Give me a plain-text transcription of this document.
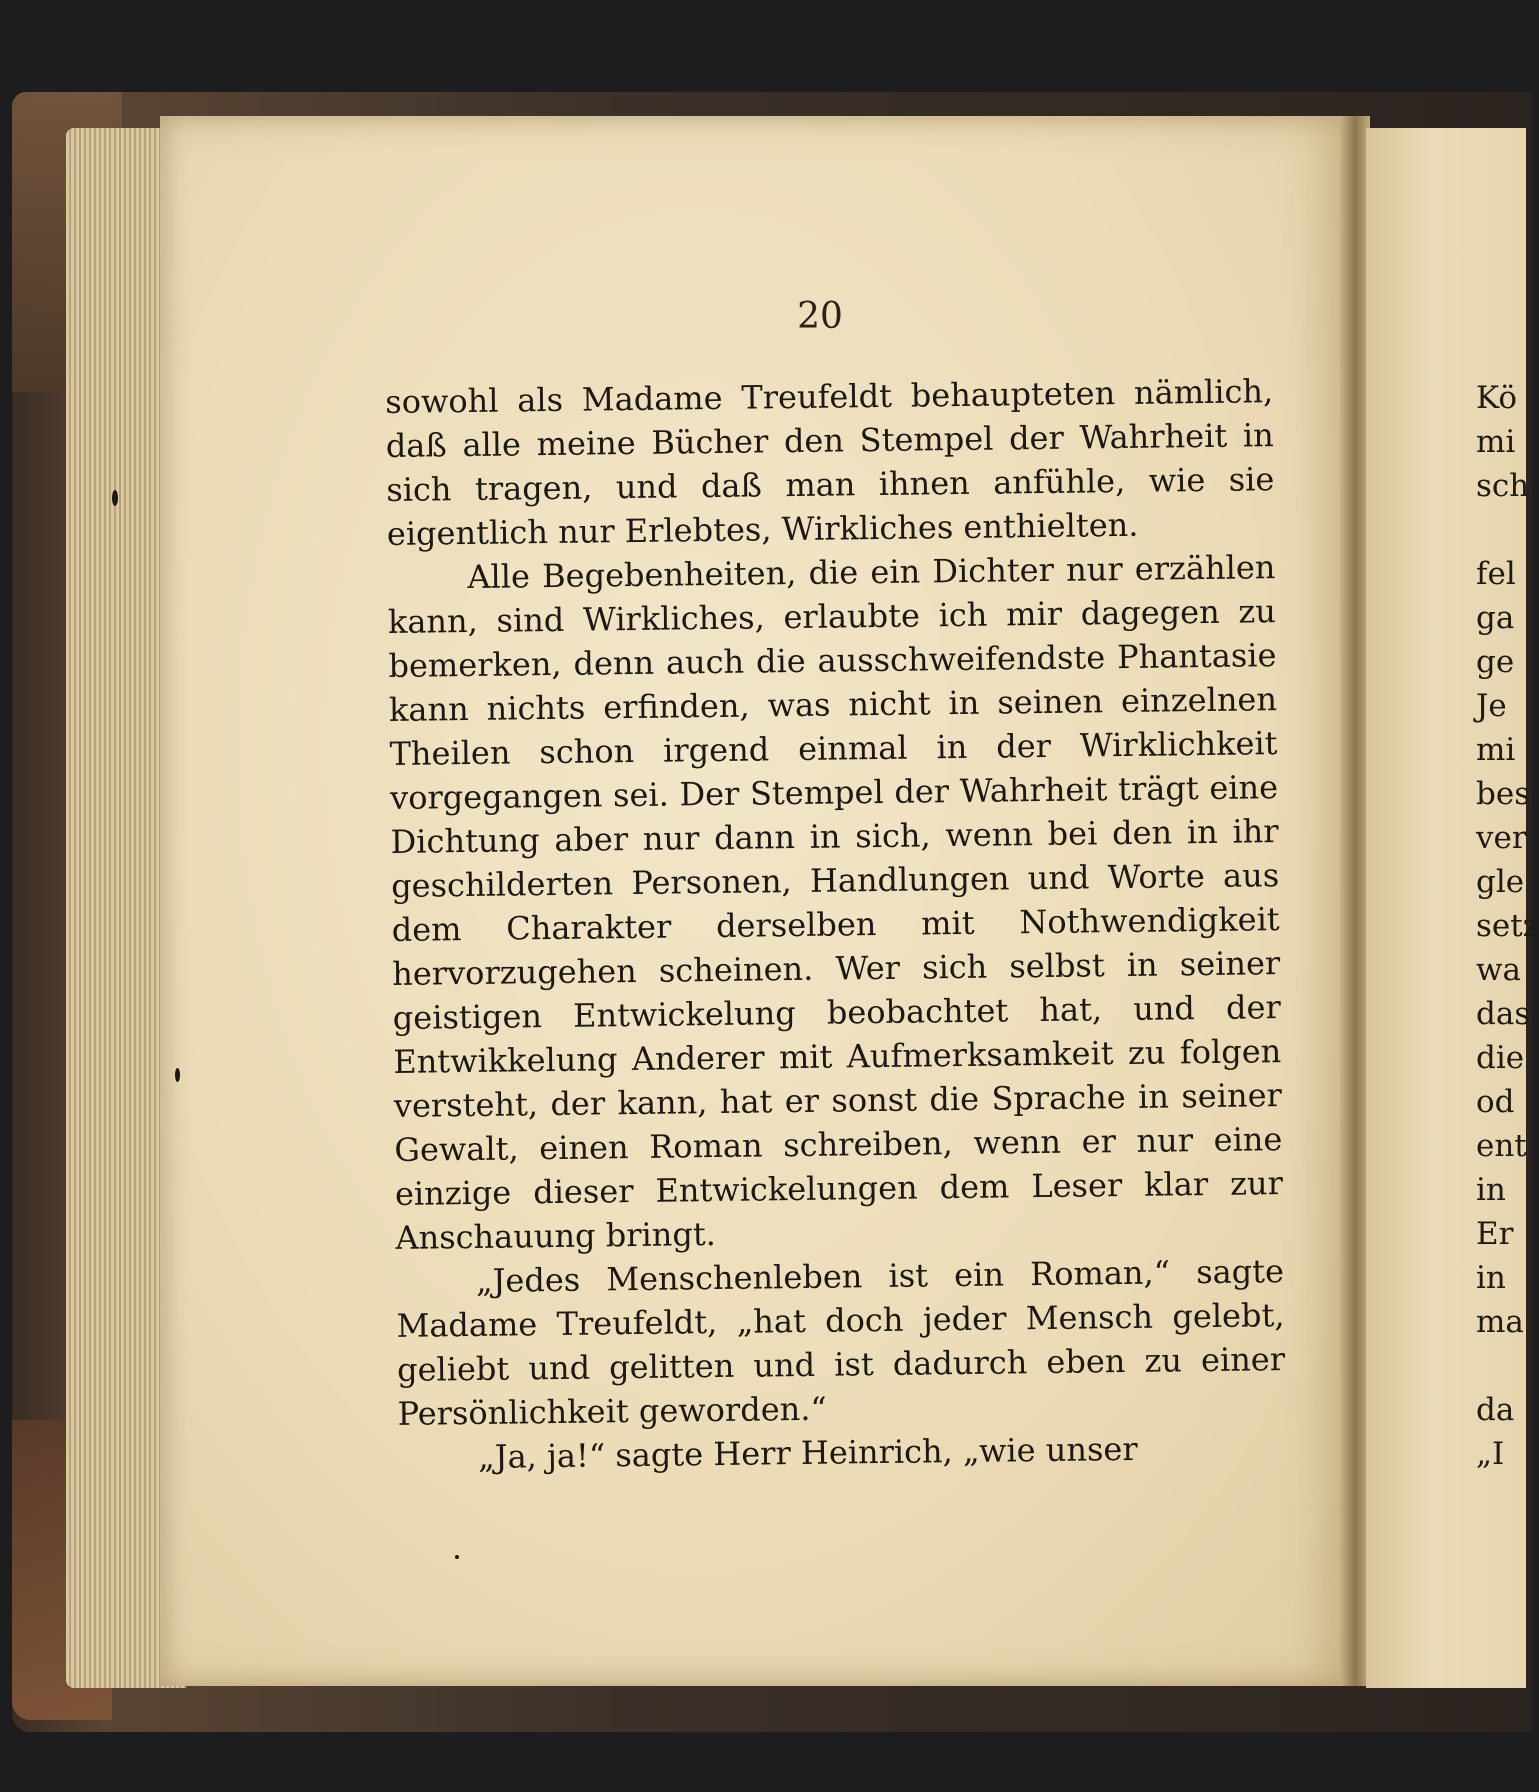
20

sowohl als Madame Treufeldt behaupteten nämlich, daß alle meine Bücher den Stempel der Wahrheit in sich tragen, und daß man ihnen anfühle, wie sie eigentlich nur Erlebtes, Wirkliches enthielten.

Alle Begebenheiten, die ein Dichter nur erzählen kann, sind Wirkliches, erlaubte ich mir dagegen zu bemerken, denn auch die ausschweifendste Phantasie kann nichts erfinden, was nicht in seinen einzelnen Theilen schon irgend einmal in der Wirklichkeit vorgegangen sei. Der Stempel der Wahrheit trägt eine Dichtung aber nur dann in sich, wenn bei den in ihr geschilderten Personen, Handlungen und Worte aus dem Charakter derselben mit Nothwendigkeit hervorzugehen scheinen. Wer sich selbst in seiner geistigen Entwickelung beobachtet hat, und der Entwikkelung Anderer mit Aufmerksamkeit zu folgen versteht, der kann, hat er sonst die Sprache in seiner Gewalt, einen Roman schreiben, wenn er nur eine einzige dieser Entwickelungen dem Leser klar zur Anschauung bringt.

„Jedes Menschenleben ist ein Roman,“ sagte Madame Treufeldt, „hat doch jeder Mensch gelebt, geliebt und gelitten und ist dadurch eben zu einer Persönlichkeit geworden.“

„Ja, ja!“ sagte Herr Heinrich, „wie unser

Kö
mi
sch
fel
ga
ge
Je
mi
bes
ver
gle
setz
wa
das
die
od
ent
in
Er
in
ma
da
„I
